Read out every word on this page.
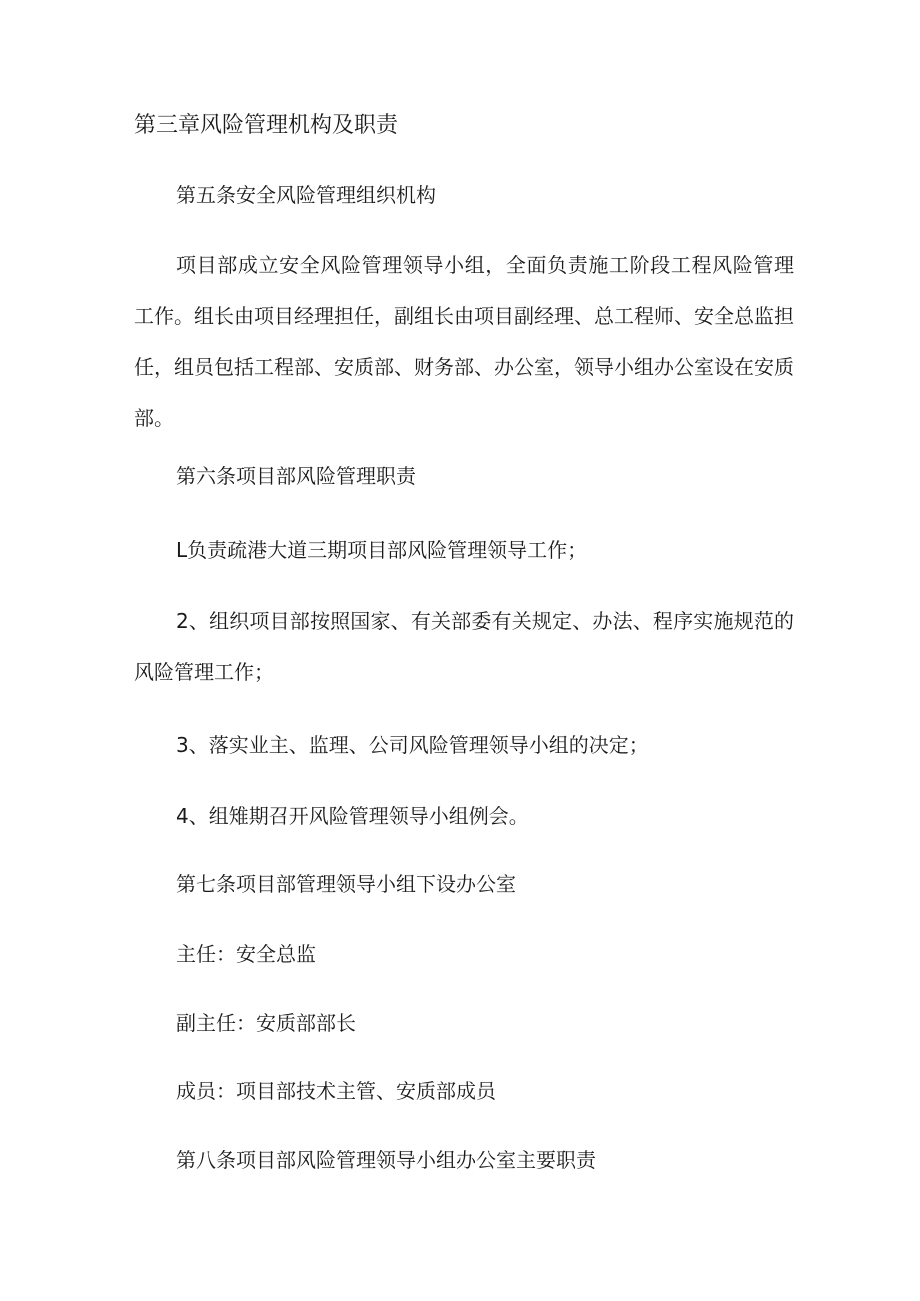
第三章风险管理机构及职责

第五条安全风险管理组织机构

项目部成立安全风险管理领导小组，全面负责施工阶段工程风险管理工作。组长由项目经理担任，副组长由项目副经理、总工程师、安全总监担任，组员包括工程部、安质部、财务部、办公室，领导小组办公室设在安质部。

第六条项目部风险管理职责

L负责疏港大道三期项目部风险管理领导工作；

2、组织项目部按照国家、有关部委有关规定、办法、程序实施规范的风险管理工作；

3、落实业主、监理、公司风险管理领导小组的决定；

4、组雉期召开风险管理领导小组例会。

第七条项目部管理领导小组下设办公室

主任：安全总监

副主任：安质部部长

成员：项目部技术主管、安质部成员

第八条项目部风险管理领导小组办公室主要职责
